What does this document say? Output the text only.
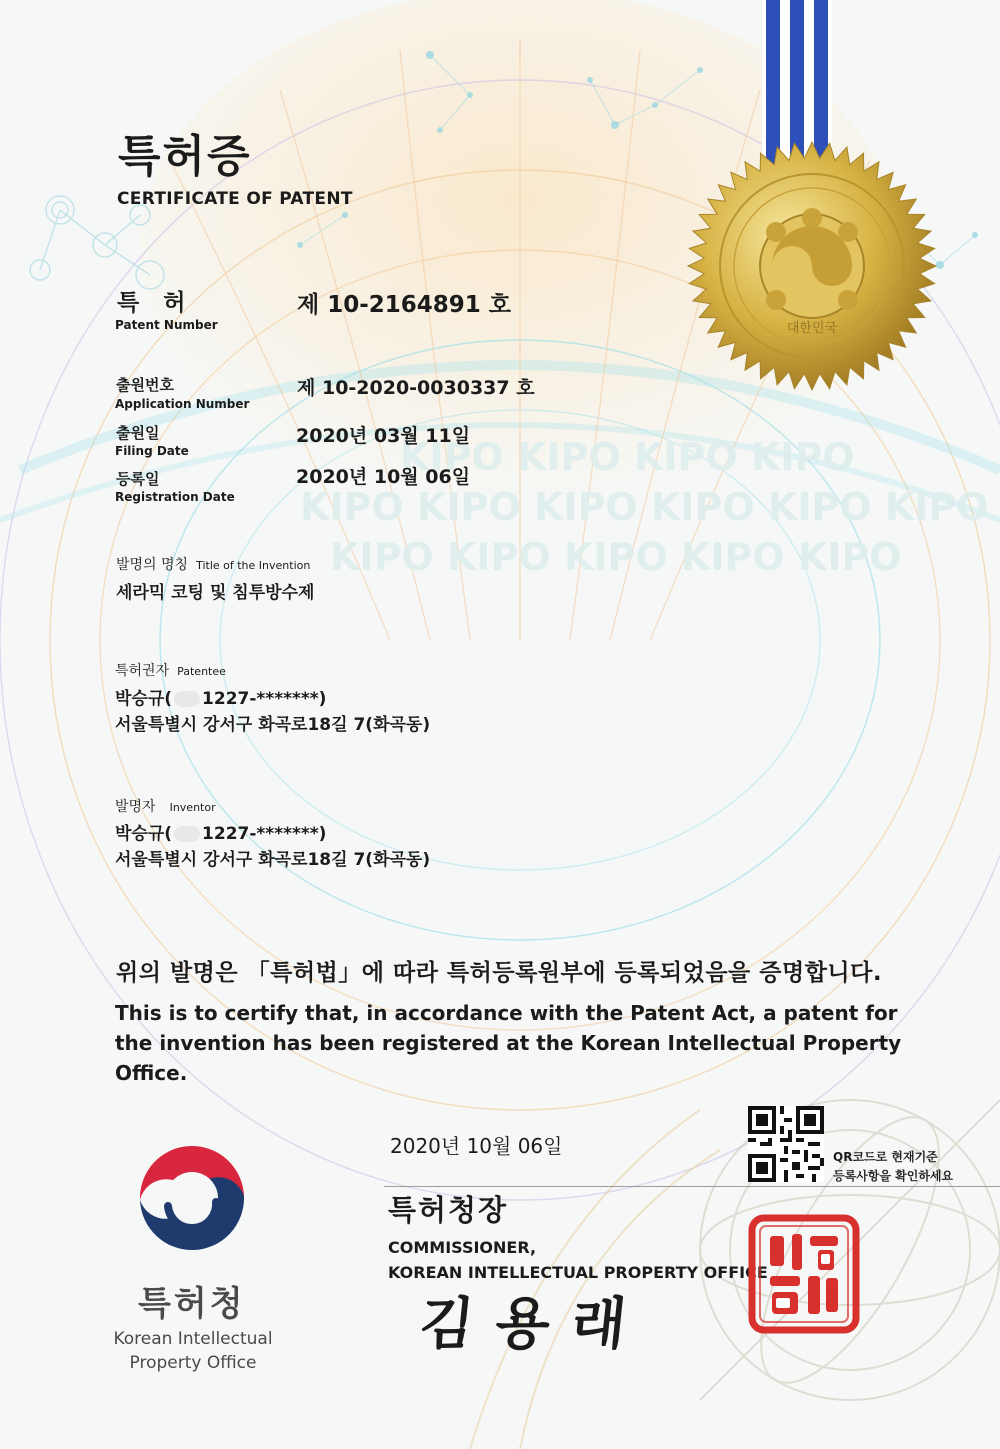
KIPO KIPO KIPO KIPO
KIPO KIPO KIPO KIPO KIPO KIPO
KIPO KIPO KIPO KIPO KIPO
대한민국
특허증
CERTIFICATE OF PATENT
특 허
Patent Number
제 10-2164891 호
출원번호
Application Number
제 10-2020-0030337 호
출원일
Filing Date
2020년 03월 11일
등록일
Registration Date
2020년 10월 06일
발명의 명칭 Title of the Invention
세라믹 코팅 및 침투방수제
특허권자 Patentee
박승규( 1227-*******)
서울특별시 강서구 화곡로18길 7(화곡동)
발명자 Inventor
박승규( 1227-*******)
서울특별시 강서구 화곡로18길 7(화곡동)
위의 발명은 「특허법」에 따라 특허등록원부에 등록되었음을 증명합니다.
This is to certify that, in accordance with the Patent Act, a patent for the invention has been registered at the Korean Intellectual Property Office.
특허청
Korean Intellectual
Property Office
2020년 10월 06일
특허청장
COMMISSIONER,
KOREAN INTELLECTUAL PROPERTY OFFICE
김용래
QR코드로 현재기준
등록사항을 확인하세요
